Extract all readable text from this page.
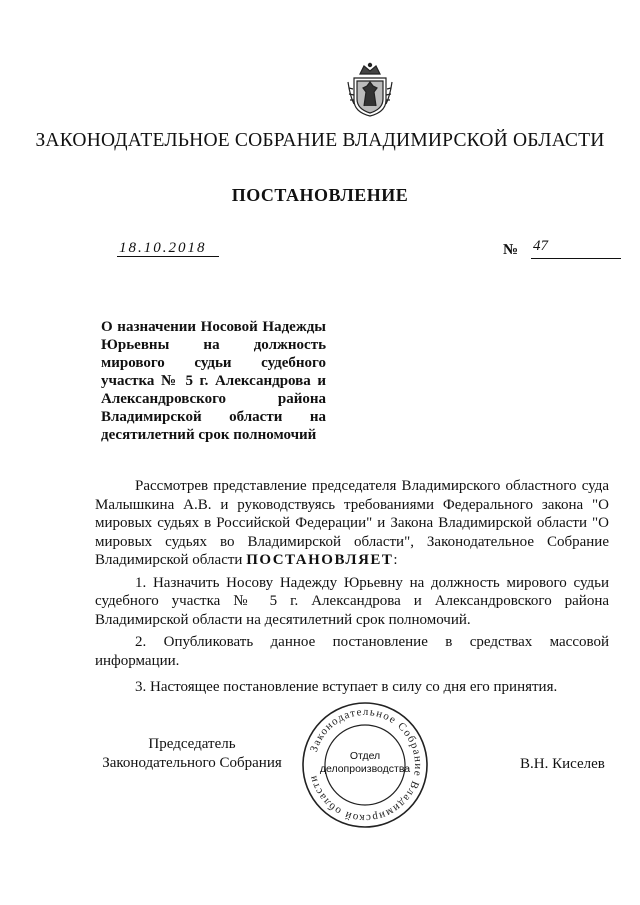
ЗАКОНОДАТЕЛЬНОЕ СОБРАНИЕ ВЛАДИМИРСКОЙ ОБЛАСТИ
ПОСТАНОВЛЕНИЕ
18.10.2018	№ 47
О назначении Носовой Надежды Юрьевны на должность мирового судьи судебного участка № 5 г. Александрова и Александровского района Владимирской области на десятилетний срок полномочий

Рассмотрев представление председателя Владимирского областного суда Малышкина А.В. и руководствуясь требованиями Федерального закона "О мировых судьях в Российской Федерации" и Закона Владимирской области "О мировых судьях во Владимирской области", Законодательное Собрание Владимирской области ПОСТАНОВЛЯЕТ:

1. Назначить Носову Надежду Юрьевну на должность мирового судьи судебного участка № 5 г. Александрова и Александровского района Владимирской области на десятилетний срок полномочий.

2. Опубликовать данное постановление в средствах массовой информации.

3. Настоящее постановление вступает в силу со дня его принятия.

Председатель
Законодательного Собрания
Законодательное Собрание Владимирской области
Отдел
делопроизводства	В.Н. Киселев
